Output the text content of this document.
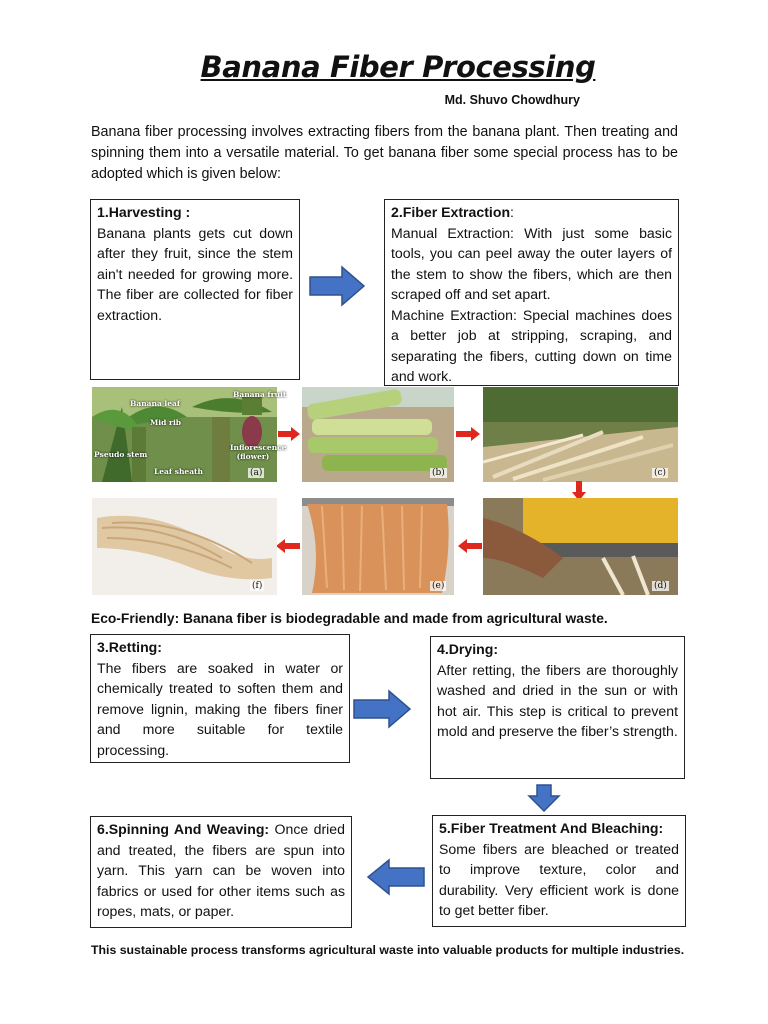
Banana Fiber Processing
Md. Shuvo Chowdhury
Banana fiber processing involves extracting fibers from the banana plant. Then treating and spinning them into a versatile material. To get banana fiber some special process has to be adopted which is given below:
1.Harvesting :
Banana plants gets cut down after they fruit, since the stem ain't needed for growing more. The fiber are collected for fiber extraction.
2.Fiber Extraction:
Manual Extraction: With just some basic tools, you can peel away the outer layers of the stem to show the fibers, which are then scraped off and set apart.
Machine Extraction: Special machines does a better job at stripping, scraping, and separating the fibers, cutting down on time and work.
Banana leaf
Banana fruit
Mid rib
Inflorescence (flower)
Pseudo stem
Leaf sheath	(a)	(b)	(c)
(d)
(e)
(f)
Eco-Friendly: Banana fiber is biodegradable and made from agricultural waste.
3.Retting:
The fibers are soaked in water or chemically treated to soften them and remove lignin, making the fibers finer and more suitable for textile processing.
4.Drying:
After retting, the fibers are thoroughly washed and dried in the sun or with hot air. This step is critical to prevent mold and preserve the fiber’s strength.
5.Fiber Treatment And Bleaching:
Some fibers are bleached or treated to improve texture, color and durability. Very efficient work is done to get better fiber.
6.Spinning And Weaving: Once dried and treated, the fibers are spun into yarn. This yarn can be woven into fabrics or used for other items such as ropes, mats, or paper.
This sustainable process transforms agricultural waste into valuable products for multiple industries.
